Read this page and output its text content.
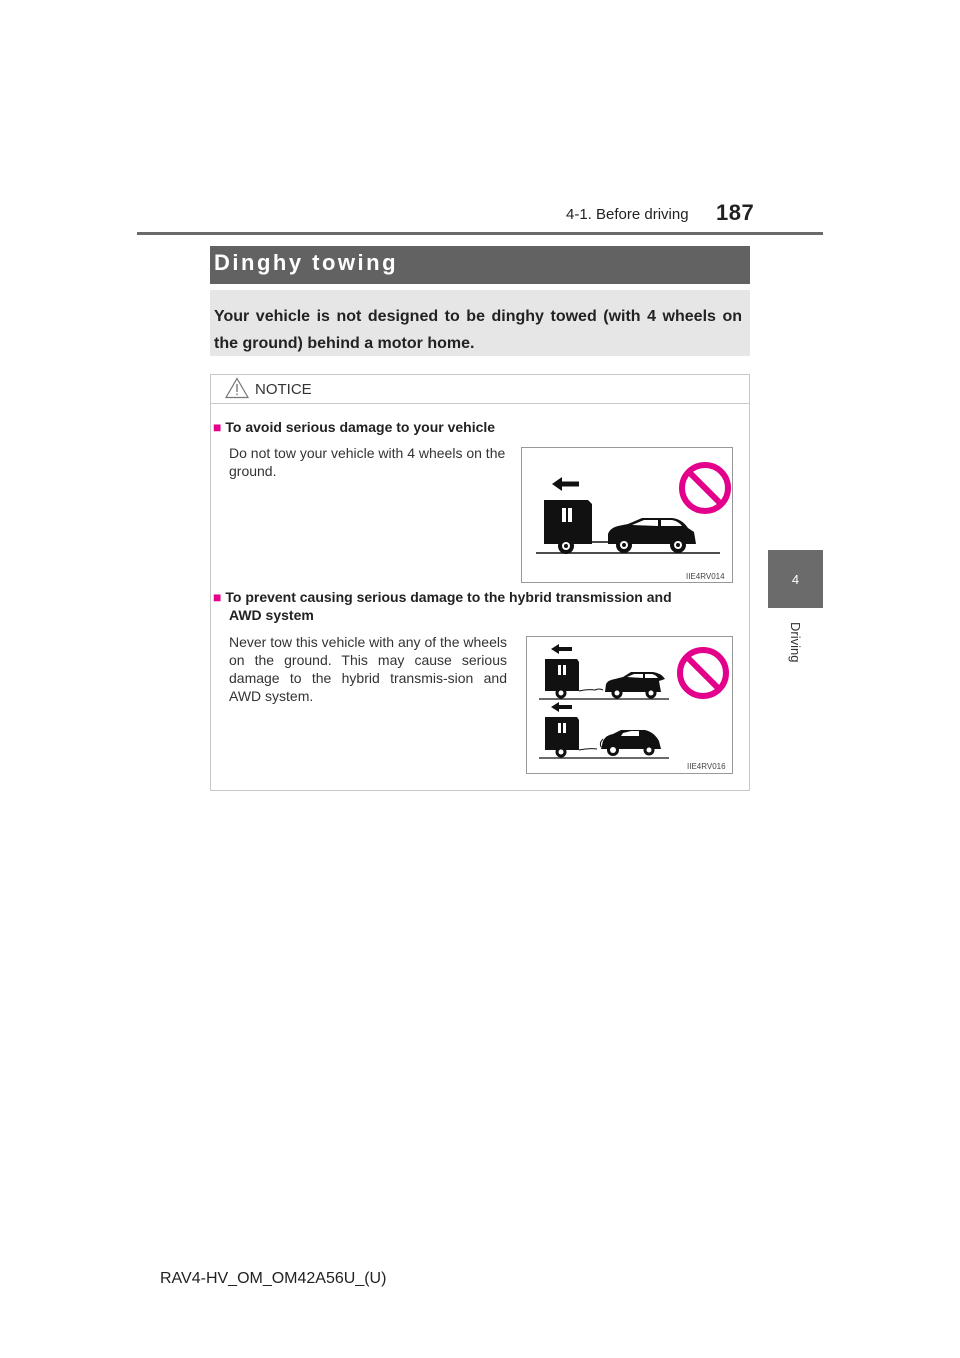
4-1. Before driving 187
4
Driving
Dinghy towing
Your vehicle is not designed to be dinghy towed (with 4 wheels on the ground) behind a motor home.
NOTICE
■ To avoid serious damage to your vehicle
Do not tow your vehicle with 4 wheels on the ground.
IIE4RV014
■ To prevent causing serious damage to the hybrid transmission and
AWD system
Never tow this vehicle with any of the wheels on the ground. This may cause serious damage to the hybrid transmis-sion and AWD system.
IIE4RV016
RAV4-HV_OM_OM42A56U_(U)
